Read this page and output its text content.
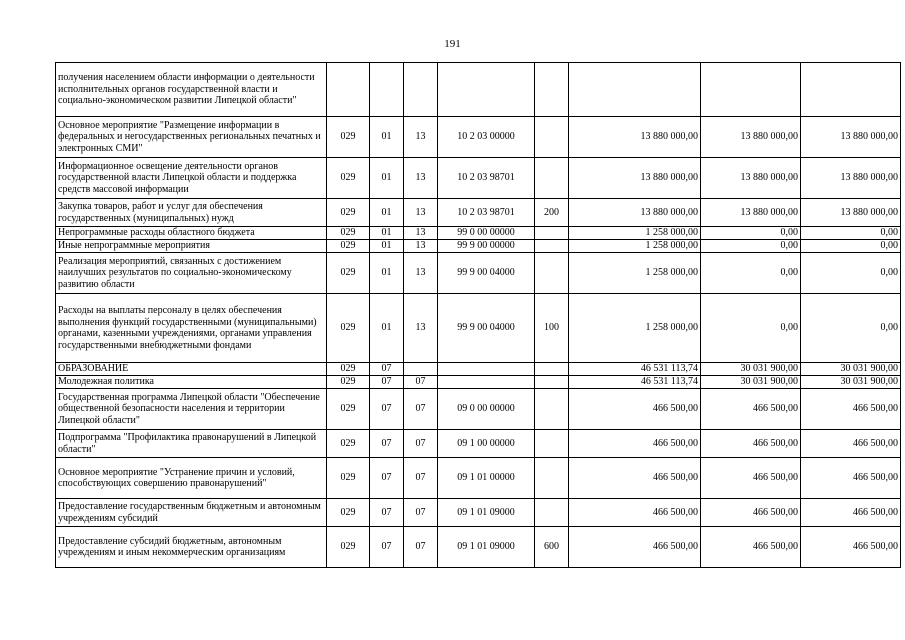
191
получения населением области информации о деятельности исполнительных органов государственной власти и социально-экономическом развитии Липецкой области"								
Основное мероприятие "Размещение информации в федеральных и негосударственных региональных печатных и электронных СМИ"	029	01	13	10 2 03 00000		13 880 000,00	13 880 000,00	13 880 000,00
Информационное освещение деятельности органов государственной власти Липецкой области и поддержка средств массовой информации	029	01	13	10 2 03 98701		13 880 000,00	13 880 000,00	13 880 000,00
Закупка товаров, работ и услуг для обеспечения государственных (муниципальных) нужд	029	01	13	10 2 03 98701	200	13 880 000,00	13 880 000,00	13 880 000,00
Непрограммные расходы областного бюджета	029	01	13	99 0 00 00000		1 258 000,00	0,00	0,00
Иные непрограммные мероприятия	029	01	13	99 9 00 00000		1 258 000,00	0,00	0,00
Реализация мероприятий, связанных с достижением наилучших результатов по социально-экономическому развитию области	029	01	13	99 9 00 04000		1 258 000,00	0,00	0,00
Расходы на выплаты персоналу в целях обеспечения выполнения функций государственными (муниципальными) органами, казенными учреждениями, органами управления государственными внебюджетными фондами	029	01	13	99 9 00 04000	100	1 258 000,00	0,00	0,00
ОБРАЗОВАНИЕ	029	07				46 531 113,74	30 031 900,00	30 031 900,00
Молодежная политика	029	07	07			46 531 113,74	30 031 900,00	30 031 900,00
Государственная программа Липецкой области "Обеспечение общественной безопасности населения и территории Липецкой области"	029	07	07	09 0 00 00000		466 500,00	466 500,00	466 500,00
Подпрограмма "Профилактика правонарушений в Липецкой области"	029	07	07	09 1 00 00000		466 500,00	466 500,00	466 500,00
Основное мероприятие "Устранение причин и условий, способствующих совершению правонарушений"	029	07	07	09 1 01 00000		466 500,00	466 500,00	466 500,00
Предоставление государственным бюджетным и автономным учреждениям субсидий	029	07	07	09 1 01 09000		466 500,00	466 500,00	466 500,00
Предоставление субсидий бюджетным, автономным учреждениям и иным некоммерческим организациям	029	07	07	09 1 01 09000	600	466 500,00	466 500,00	466 500,00
